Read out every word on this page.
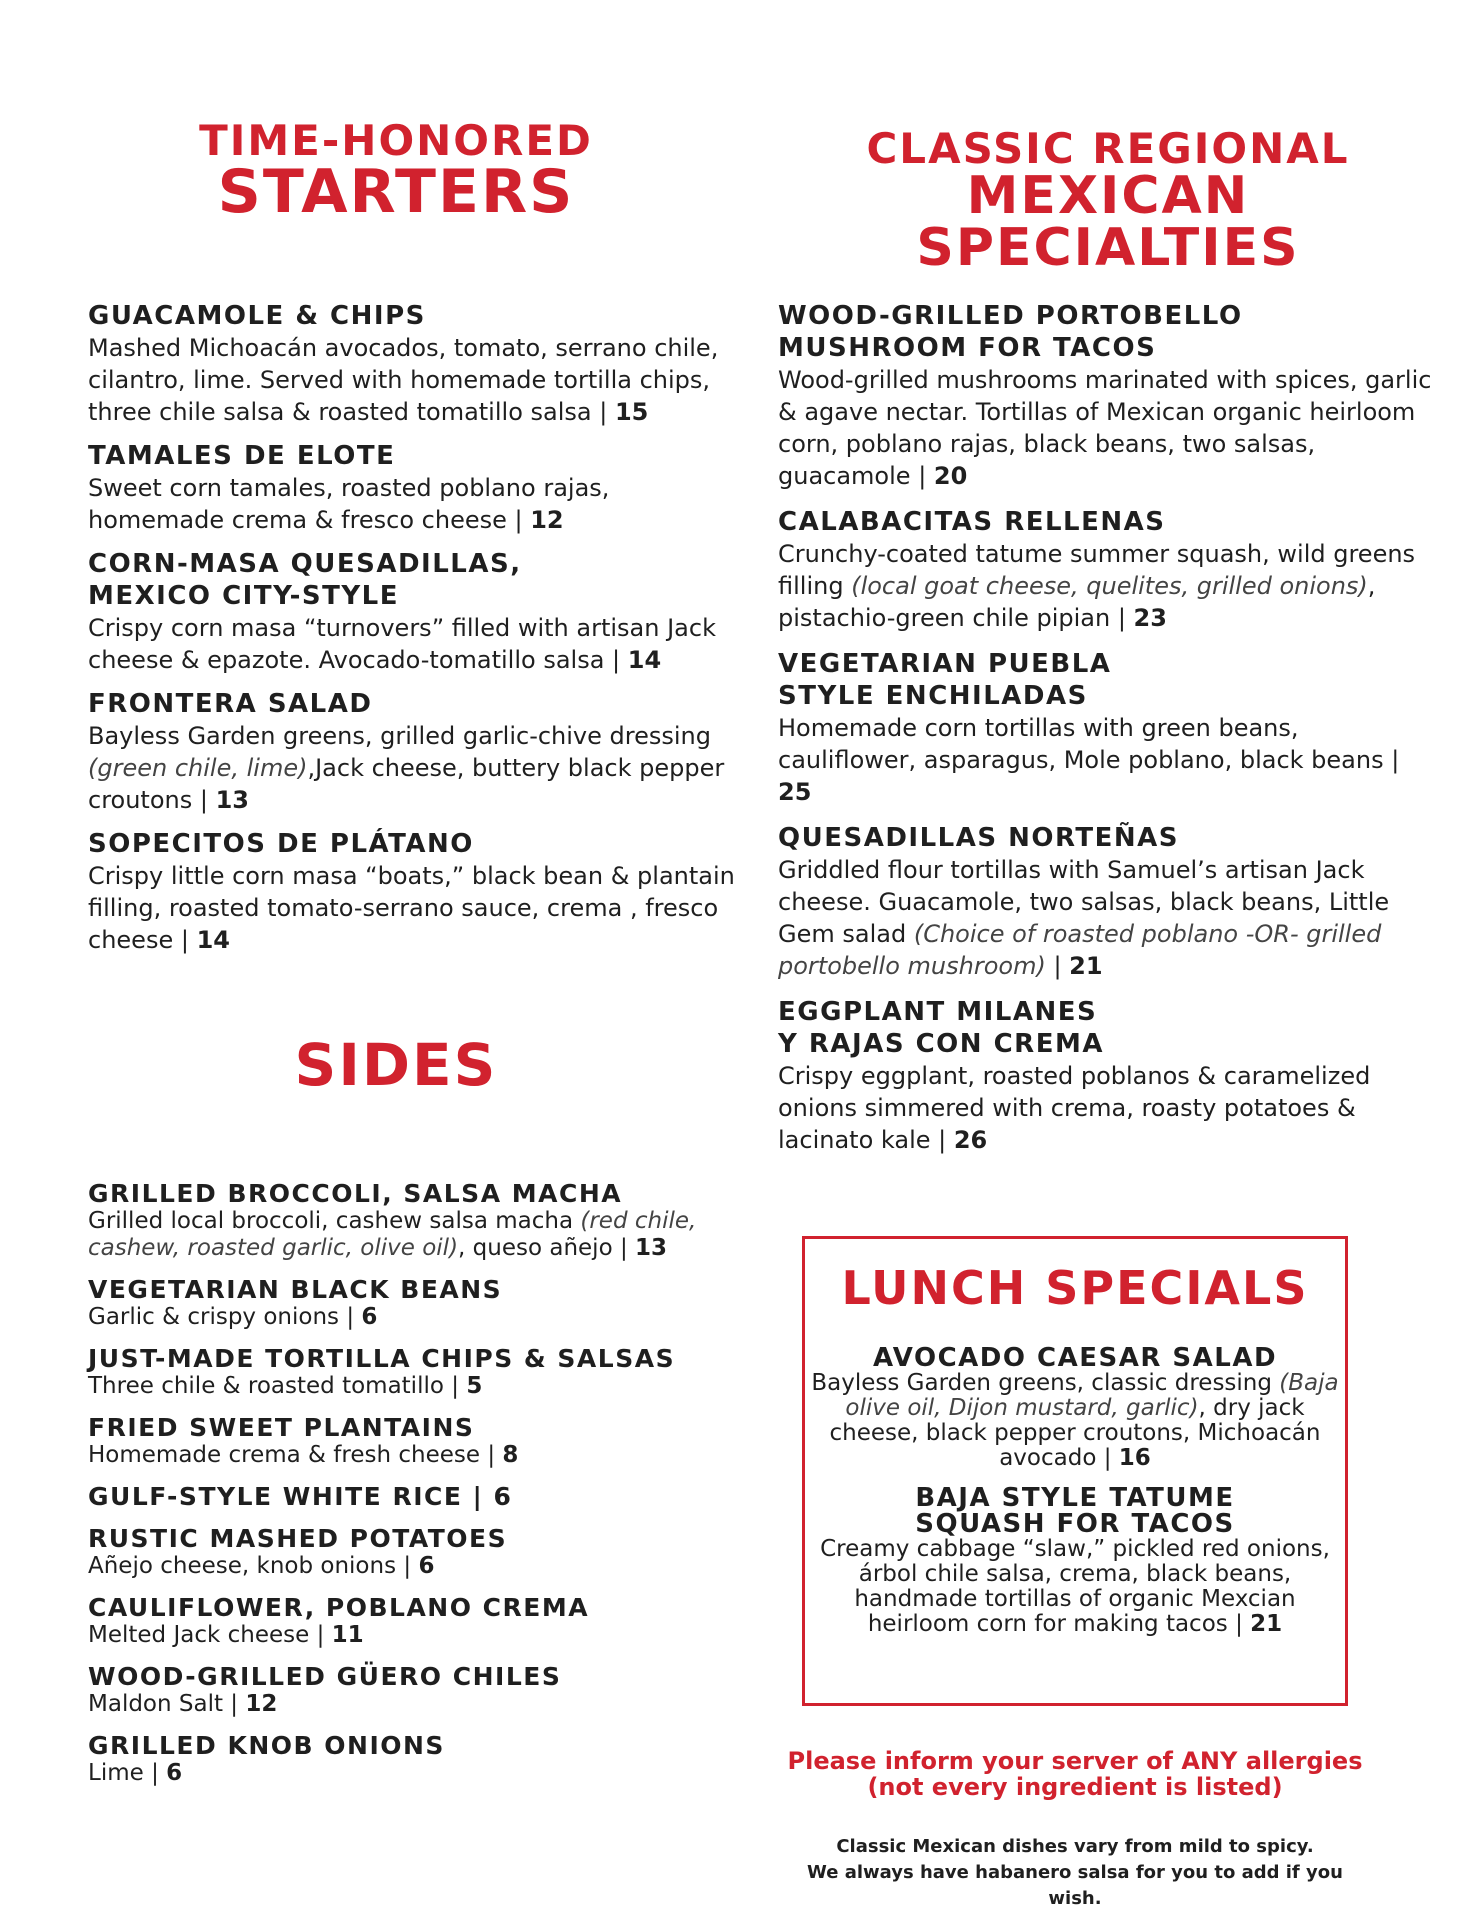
TIME-HONORED
STARTERS
GUACAMOLE & CHIPS
Mashed Michoacán avocados, tomato, serrano chile, cilantro, lime. Served with homemade tortilla chips, three chile salsa & roasted tomatillo salsa | 15
TAMALES DE ELOTE
Sweet corn tamales, roasted poblano rajas, homemade crema & fresco cheese | 12
CORN-MASA QUESADILLAS,
MEXICO CITY-STYLE
Crispy corn masa “turnovers” filled with artisan Jack cheese & epazote. Avocado-tomatillo salsa | 14
FRONTERA SALAD
Bayless Garden greens, grilled garlic-chive dressing (green chile, lime),Jack cheese, buttery black pepper croutons | 13
SOPECITOS DE PLÁTANO
Crispy little corn masa “boats,” black bean & plantain filling, roasted tomato-serrano sauce, crema , fresco cheese | 14
SIDES
GRILLED BROCCOLI, SALSA MACHA
Grilled local broccoli, cashew salsa macha (red chile, cashew, roasted garlic, olive oil), queso añejo | 13
VEGETARIAN BLACK BEANS
Garlic & crispy onions | 6
JUST-MADE TORTILLA CHIPS & SALSAS
Three chile & roasted tomatillo | 5
FRIED SWEET PLANTAINS
Homemade crema & fresh cheese | 8
GULF-STYLE WHITE RICE | 6
RUSTIC MASHED POTATOES
Añejo cheese, knob onions | 6
CAULIFLOWER, POBLANO CREMA
Melted Jack cheese | 11
WOOD-GRILLED GÜERO CHILES
Maldon Salt | 12
GRILLED KNOB ONIONS
Lime | 6
CLASSIC REGIONAL
MEXICAN
SPECIALTIES
WOOD-GRILLED PORTOBELLO
MUSHROOM FOR TACOS
Wood-grilled mushrooms marinated with spices, garlic & agave nectar. Tortillas of Mexican organic heirloom corn, poblano rajas, black beans, two salsas, guacamole | 20
CALABACITAS RELLENAS
Crunchy-coated tatume summer squash, wild greens filling (local goat cheese, quelites, grilled onions), pistachio-green chile pipian | 23
VEGETARIAN PUEBLA
STYLE ENCHILADAS
Homemade corn tortillas with green beans, cauliflower, asparagus, Mole poblano, black beans | 25
QUESADILLAS NORTEÑAS
Griddled flour tortillas with Samuel’s artisan Jack cheese. Guacamole, two salsas, black beans, Little Gem salad (Choice of roasted poblano -OR- grilled portobello mushroom) | 21
EGGPLANT MILANES
Y RAJAS CON CREMA
Crispy eggplant, roasted poblanos & caramelized onions simmered with crema, roasty potatoes & lacinato kale | 26
LUNCH SPECIALS
AVOCADO CAESAR SALAD
Bayless Garden greens, classic dressing (Baja olive oil, Dijon mustard, garlic), dry jack cheese, black pepper croutons, Michoacán avocado | 16
BAJA STYLE TATUME
SQUASH FOR TACOS
Creamy cabbage “slaw,” pickled red onions, árbol chile salsa, crema, black beans, handmade tortillas of organic Mexcian heirloom corn for making tacos | 21
Please inform your server of ANY allergies
(not every ingredient is listed)
Classic Mexican dishes vary from mild to spicy.
We always have habanero salsa for you to add if you wish.
